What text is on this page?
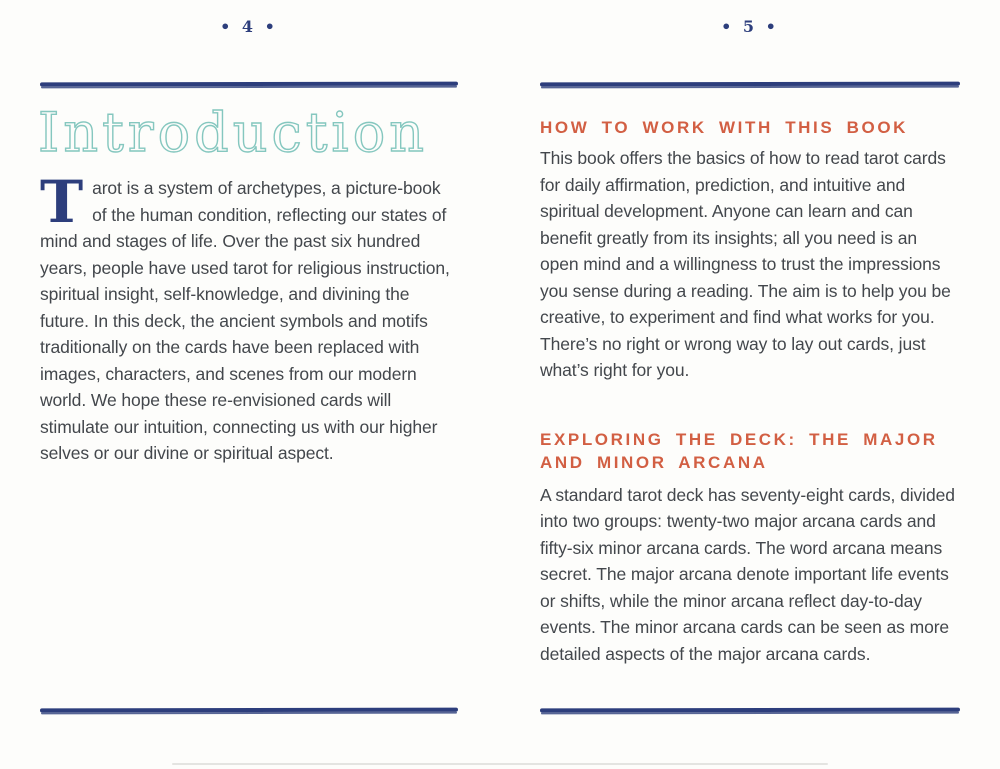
• 4 •
Introduction

Tarot is a system of archetypes, a picture-book of the human condition, reflecting our states of mind and stages of life. Over the past six hundred years, people have used tarot for religious instruction, spiritual insight, self-knowledge, and divining the future. In this deck, the ancient symbols and motifs traditionally on the cards have been replaced with images, characters, and scenes from our modern world. We hope these re-envisioned cards will stimulate our intuition, connecting us with our higher selves or our divine or spiritual aspect.

• 5 •
HOW TO WORK WITH THIS BOOK

This book offers the basics of how to read tarot cards for daily affirmation, prediction, and intuitive and spiritual development. Anyone can learn and can benefit greatly from its insights; all you need is an open mind and a willingness to trust the impressions you sense during a reading. The aim is to help you be creative, to experiment and find what works for you. There’s no right or wrong way to lay out cards, just what’s right for you.

EXPLORING THE DECK: THE MAJOR AND MINOR ARCANA

A standard tarot deck has seventy-eight cards, divided into two groups: twenty-two major arcana cards and fifty-six minor arcana cards. The word arcana means secret. The major arcana denote important life events or shifts, while the minor arcana reflect day-to-day events. The minor arcana cards can be seen as more detailed aspects of the major arcana cards.
